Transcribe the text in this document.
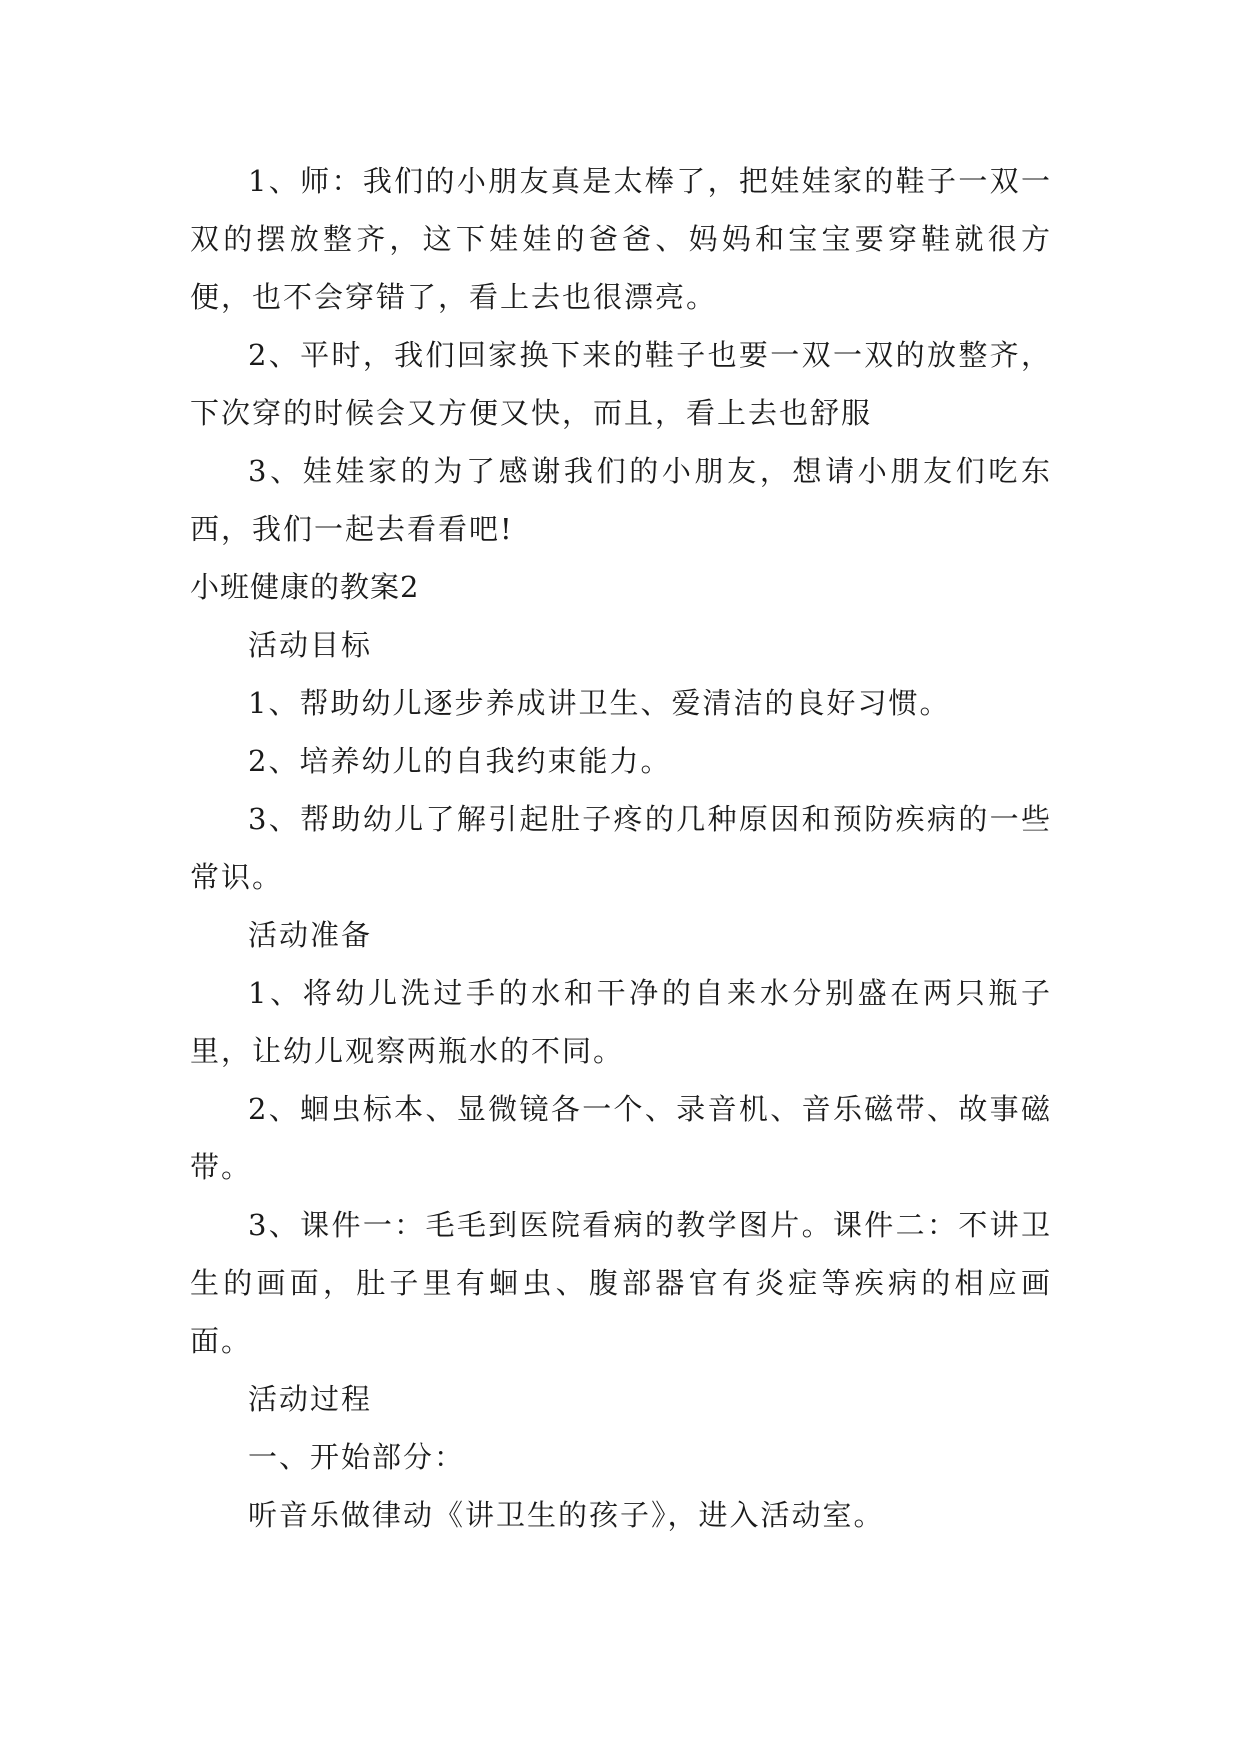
1、师：我们的小朋友真是太棒了，把娃娃家的鞋子一双一双的摆放整齐，这下娃娃的爸爸、妈妈和宝宝要穿鞋就很方便，也不会穿错了，看上去也很漂亮。

2、平时，我们回家换下来的鞋子也要一双一双的放整齐，下次穿的时候会又方便又快，而且，看上去也舒服

3、娃娃家的为了感谢我们的小朋友，想请小朋友们吃东西，我们一起去看看吧!

小班健康的教案2

活动目标

1、帮助幼儿逐步养成讲卫生、爱清洁的良好习惯。

2、培养幼儿的自我约束能力。

3、帮助幼儿了解引起肚子疼的几种原因和预防疾病的一些常识。

活动准备

1、将幼儿洗过手的水和干净的自来水分别盛在两只瓶子里，让幼儿观察两瓶水的不同。

2、蛔虫标本、显微镜各一个、录音机、音乐磁带、故事磁带。

3、课件一：毛毛到医院看病的教学图片。课件二：不讲卫生的画面，肚子里有蛔虫、腹部器官有炎症等疾病的相应画面。

活动过程

一、开始部分：

听音乐做律动《讲卫生的孩子》，进入活动室。
